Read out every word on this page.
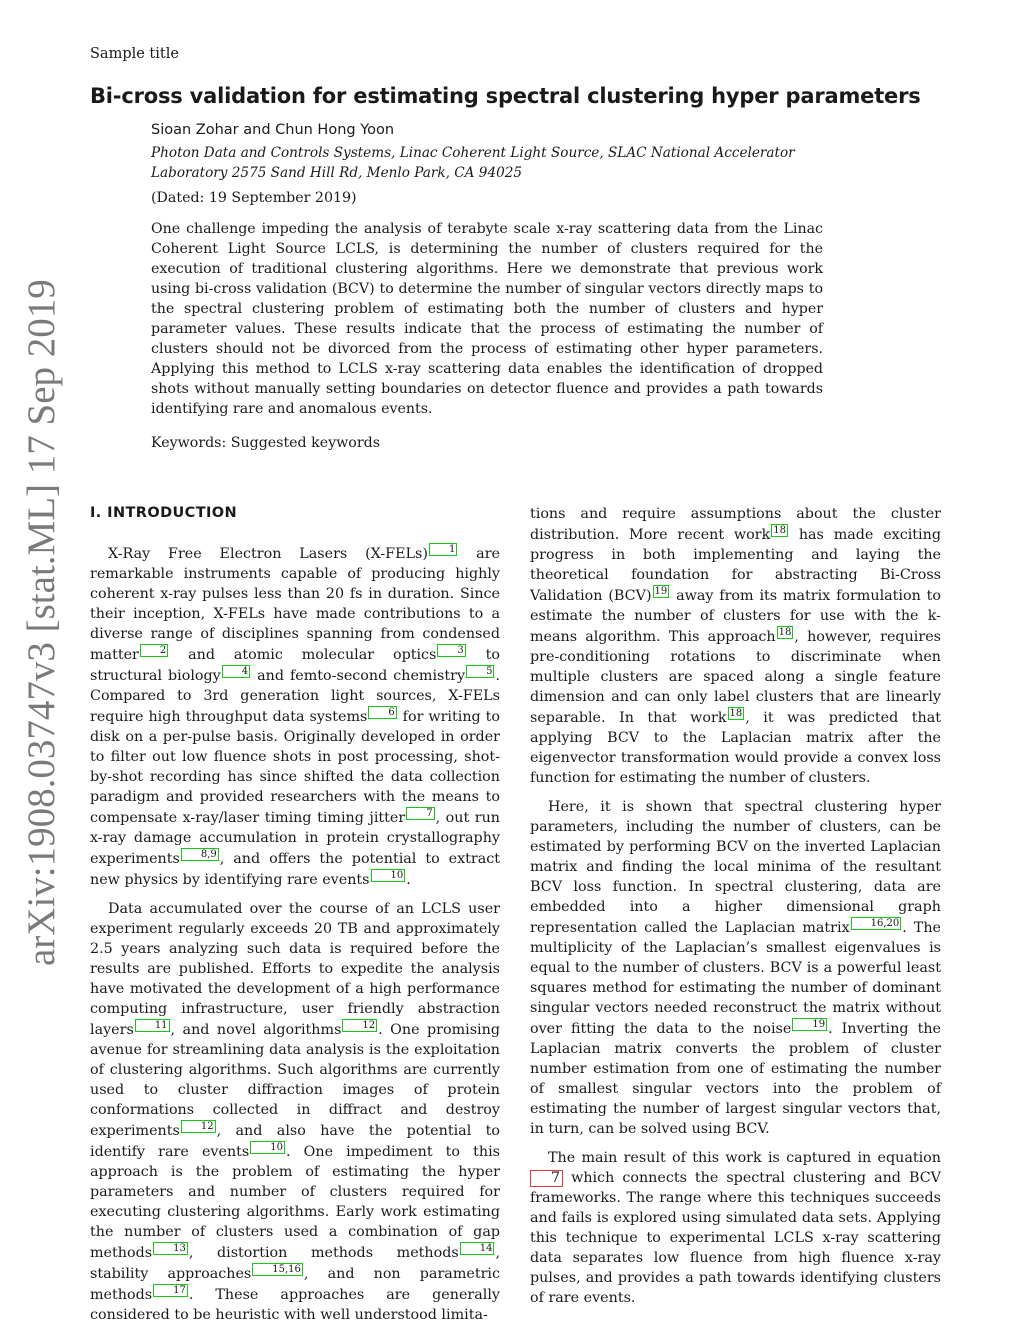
Sample title
Bi-cross validation for estimating spectral clustering hyper parameters
Sioan Zohar and Chun Hong Yoon
Photon Data and Controls Systems, Linac Coherent Light Source, SLAC National Accelerator Laboratory 2575 Sand Hill Rd, Menlo Park, CA 94025
(Dated: 19 September 2019)
One challenge impeding the analysis of terabyte scale x-ray scattering data from the Linac Coherent Light Source LCLS, is determining the number of clusters required for the execution of traditional clustering algorithms. Here we demonstrate that previous work using bi-cross validation (BCV) to determine the number of singular vectors directly maps to the spectral clustering problem of estimating both the number of clusters and hyper parameter values. These results indicate that the process of estimating the number of clusters should not be divorced from the process of estimating other hyper parameters. Applying this method to LCLS x-ray scattering data enables the identification of dropped shots without manually setting boundaries on detector fluence and provides a path towards identifying rare and anomalous events.
Keywords: Suggested keywords
arXiv:1908.03747v3 [stat.ML] 17 Sep 2019 I. INTRODUCTION

X-Ray Free Electron Lasers (X-FELs) 1 are remarkable instruments capable of producing highly coherent x-ray pulses less than 20 fs in duration. Since their inception, X-FELs have made contributions to a diverse range of disciplines spanning from condensed matter 2 and atomic molecular optics 3 to structural biology 4 and femto-second chemistry 5 . Compared to 3rd generation light sources, X-FELs require high throughput data systems 6 for writing to disk on a per-pulse basis. Originally developed in order to filter out low fluence shots in post processing, shot-by-shot recording has since shifted the data collection paradigm and provided researchers with the means to compensate x-ray/laser timing timing jitter 7 , out run x-ray damage accumulation in protein crystallography experiments 8,9 , and offers the potential to extract new physics by identifying rare events 10 .

Data accumulated over the course of an LCLS user experiment regularly exceeds 20 TB and approximately 2.5 years analyzing such data is required before the results are published. Efforts to expedite the analysis have motivated the development of a high performance computing infrastructure, user friendly abstraction layers 11 , and novel algorithms 12 . One promising avenue for streamlining data analysis is the exploitation of clustering algorithms. Such algorithms are currently used to cluster diffraction images of protein conformations collected in diffract and destroy experiments 12 , and also have the potential to identify rare events 10 . One impediment to this approach is the problem of estimating the hyper parameters and number of clusters required for executing clustering algorithms. Early work estimating the number of clusters used a combination of gap methods 13 , distortion methods methods 14 , stability approaches 15,16 , and non parametric methods 17 . These approaches are generally considered to be heuristic with well understood limita-

tions and require assumptions about the cluster distribution. More recent work 18 has made exciting progress in both implementing and laying the theoretical foundation for abstracting Bi-Cross Validation (BCV) 19 away from its matrix formulation to estimate the number of clusters for use with the k-means algorithm. This approach 18 , however, requires pre-conditioning rotations to discriminate when multiple clusters are spaced along a single feature dimension and can only label clusters that are linearly separable. In that work 18 , it was predicted that applying BCV to the Laplacian matrix after the eigenvector transformation would provide a convex loss function for estimating the number of clusters.

Here, it is shown that spectral clustering hyper parameters, including the number of clusters, can be estimated by performing BCV on the inverted Laplacian matrix and finding the local minima of the resultant BCV loss function. In spectral clustering, data are embedded into a higher dimensional graph representation called the Laplacian matrix 16,20 . The multiplicity of the Laplacian’s smallest eigenvalues is equal to the number of clusters. BCV is a powerful least squares method for estimating the number of dominant singular vectors needed reconstruct the matrix without over fitting the data to the noise 19 . Inverting the Laplacian matrix converts the problem of cluster number estimation from one of estimating the number of smallest singular vectors into the problem of estimating the number of largest singular vectors that, in turn, can be solved using BCV.

The main result of this work is captured in equation 7 which connects the spectral clustering and BCV frameworks. The range where this techniques succeeds and fails is explored using simulated data sets. Applying this technique to experimental LCLS x-ray scattering data separates low fluence from high fluence x-ray pulses, and provides a path towards identifying clusters of rare events.
